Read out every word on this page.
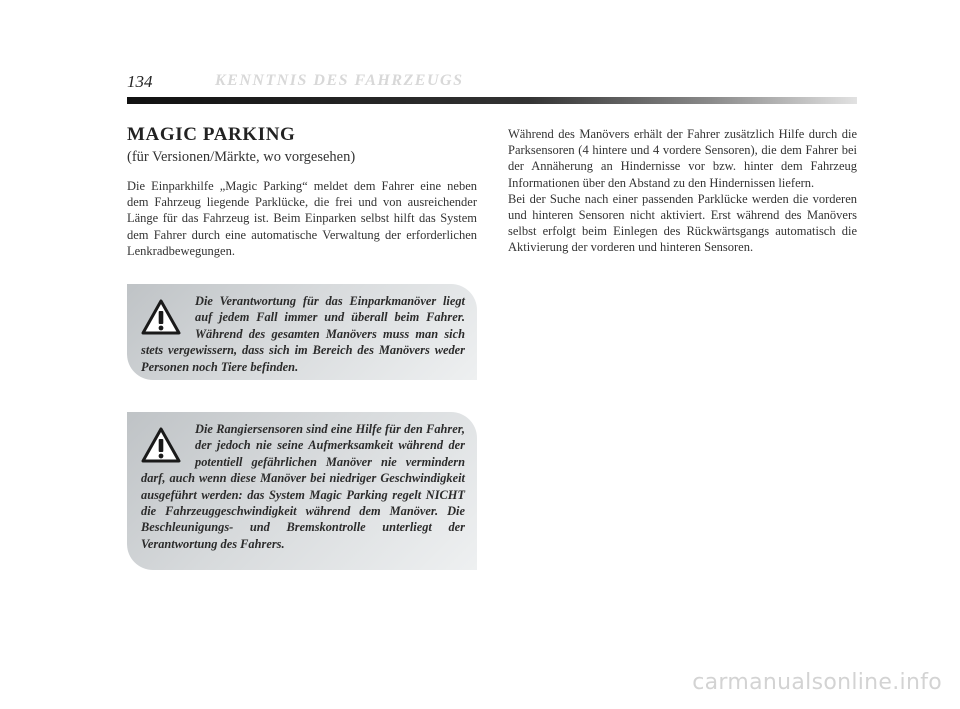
134	KENNTNIS DES FAHRZEUGS
MAGIC PARKING
(für Versionen/Märkte, wo vorgesehen)
Die Einparkhilfe „Magic Parking“ meldet dem Fahrer eine neben dem Fahrzeug liegende Parklücke, die frei und von ausreichender Länge für das Fahrzeug ist. Beim Einparken selbst hilft das System dem Fahrer durch eine automatische Verwaltung der erforderlichen Lenkradbewegungen.
Die Verantwortung für das Einparkmanöver liegt auf jedem Fall immer und überall beim Fahrer. Während des gesamten Manövers muss man sich stets vergewissern, dass sich im Bereich des Manövers weder Personen noch Tiere befinden.
Die Rangiersensoren sind eine Hilfe für den Fahrer, der jedoch nie seine Aufmerksamkeit während der potentiell gefährlichen Manöver nie vermindern darf, auch wenn diese Manöver bei niedriger Geschwindigkeit ausgeführt werden: das System Magic Parking regelt NICHT die Fahrzeuggeschwindigkeit während dem Manöver. Die Beschleunigungs- und Bremskontrolle unterliegt der Verantwortung des Fahrers.

Während des Manövers erhält der Fahrer zusätzlich Hilfe durch die Parksensoren (4 hintere und 4 vordere Sensoren), die dem Fahrer bei der Annäherung an Hindernisse vor bzw. hinter dem Fahrzeug Informationen über den Abstand zu den Hindernissen liefern.

Bei der Suche nach einer passenden Parklücke werden die vorderen und hinteren Sensoren nicht aktiviert. Erst während des Manövers selbst erfolgt beim Einlegen des Rückwärtsgangs automatisch die Aktivierung der vorderen und hinteren Sensoren.

carmanualsonline.info
